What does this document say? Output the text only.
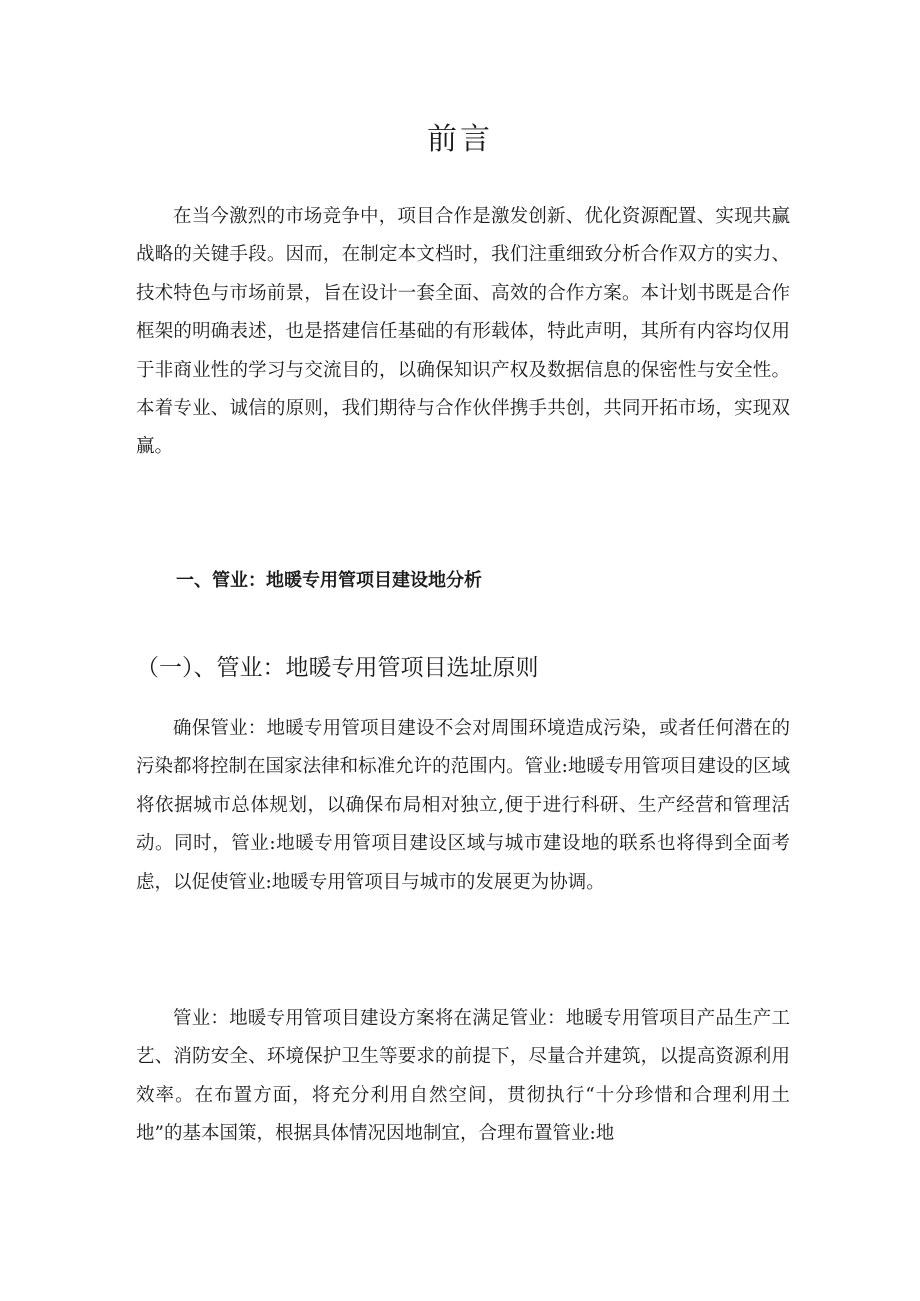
前言

在当今激烈的市场竞争中，项目合作是激发创新、优化资源配置、实现共赢战略的关键手段。因而，在制定本文档时，我们注重细致分析合作双方的实力、技术特色与市场前景，旨在设计一套全面、高效的合作方案。本计划书既是合作框架的明确表述，也是搭建信任基础的有形载体，特此声明，其所有内容均仅用于非商业性的学习与交流目的，以确保知识产权及数据信息的保密性与安全性。本着专业、诚信的原则，我们期待与合作伙伴携手共创，共同开拓市场，实现双赢。

一、管业：地暖专用管项目建设地分析
（一）、管业：地暖专用管项目选址原则

确保管业：地暖专用管项目建设不会对周围环境造成污染，或者任何潜在的污染都将控制在国家法律和标准允许的范围内。管业:地暖专用管项目建设的区域将依据城市总体规划，以确保布局相对独立,便于进行科研、生产经营和管理活动。同时，管业:地暖专用管项目建设区域与城市建设地的联系也将得到全面考虑，以促使管业:地暖专用管项目与城市的发展更为协调。

管业：地暖专用管项目建设方案将在满足管业：地暖专用管项目产品生产工艺、消防安全、环境保护卫生等要求的前提下，尽量合并建筑，以提高资源利用效率。在布置方面，将充分利用自然空间，贯彻执行“十分珍惜和合理利用土地”的基本国策，根据具体情况因地制宜，合理布置管业:地
